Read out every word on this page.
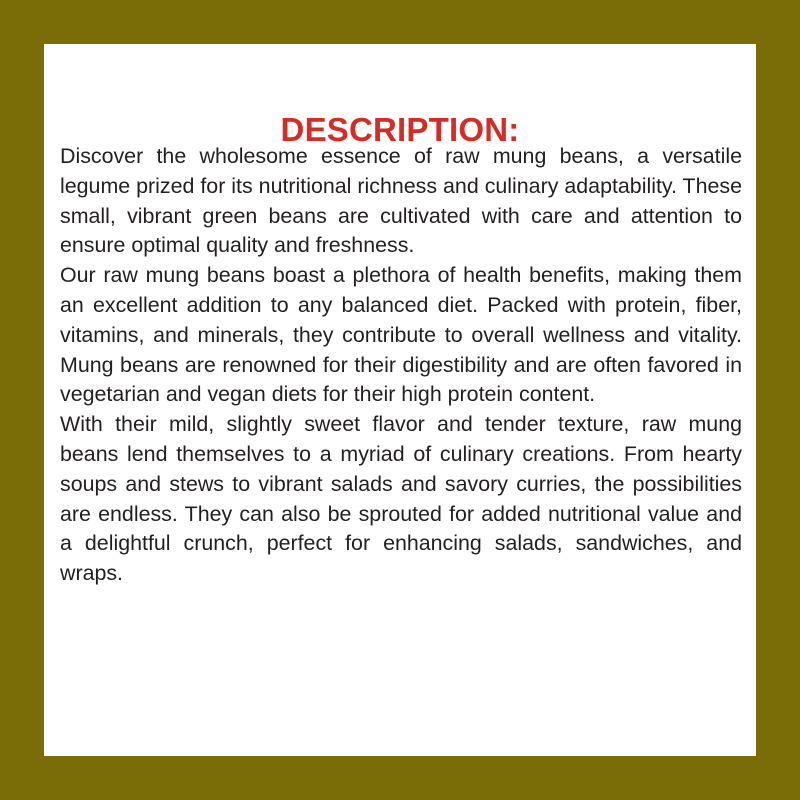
DESCRIPTION:

Discover the wholesome essence of raw mung beans, a versatile legume prized for its nutritional richness and culinary adaptability. These small, vibrant green beans are cultivated with care and attention to ensure optimal quality and freshness.

Our raw mung beans boast a plethora of health benefits, making them an excellent addition to any balanced diet. Packed with protein, fiber, vitamins, and minerals, they contribute to overall wellness and vitality. Mung beans are renowned for their digestibility and are often favored in vegetarian and vegan diets for their high protein content.

With their mild, slightly sweet flavor and tender texture, raw mung beans lend themselves to a myriad of culinary creations. From hearty soups and stews to vibrant salads and savory curries, the possibilities are endless. They can also be sprouted for added nutritional value and a delightful crunch, perfect for enhancing salads, sandwiches, and wraps.
